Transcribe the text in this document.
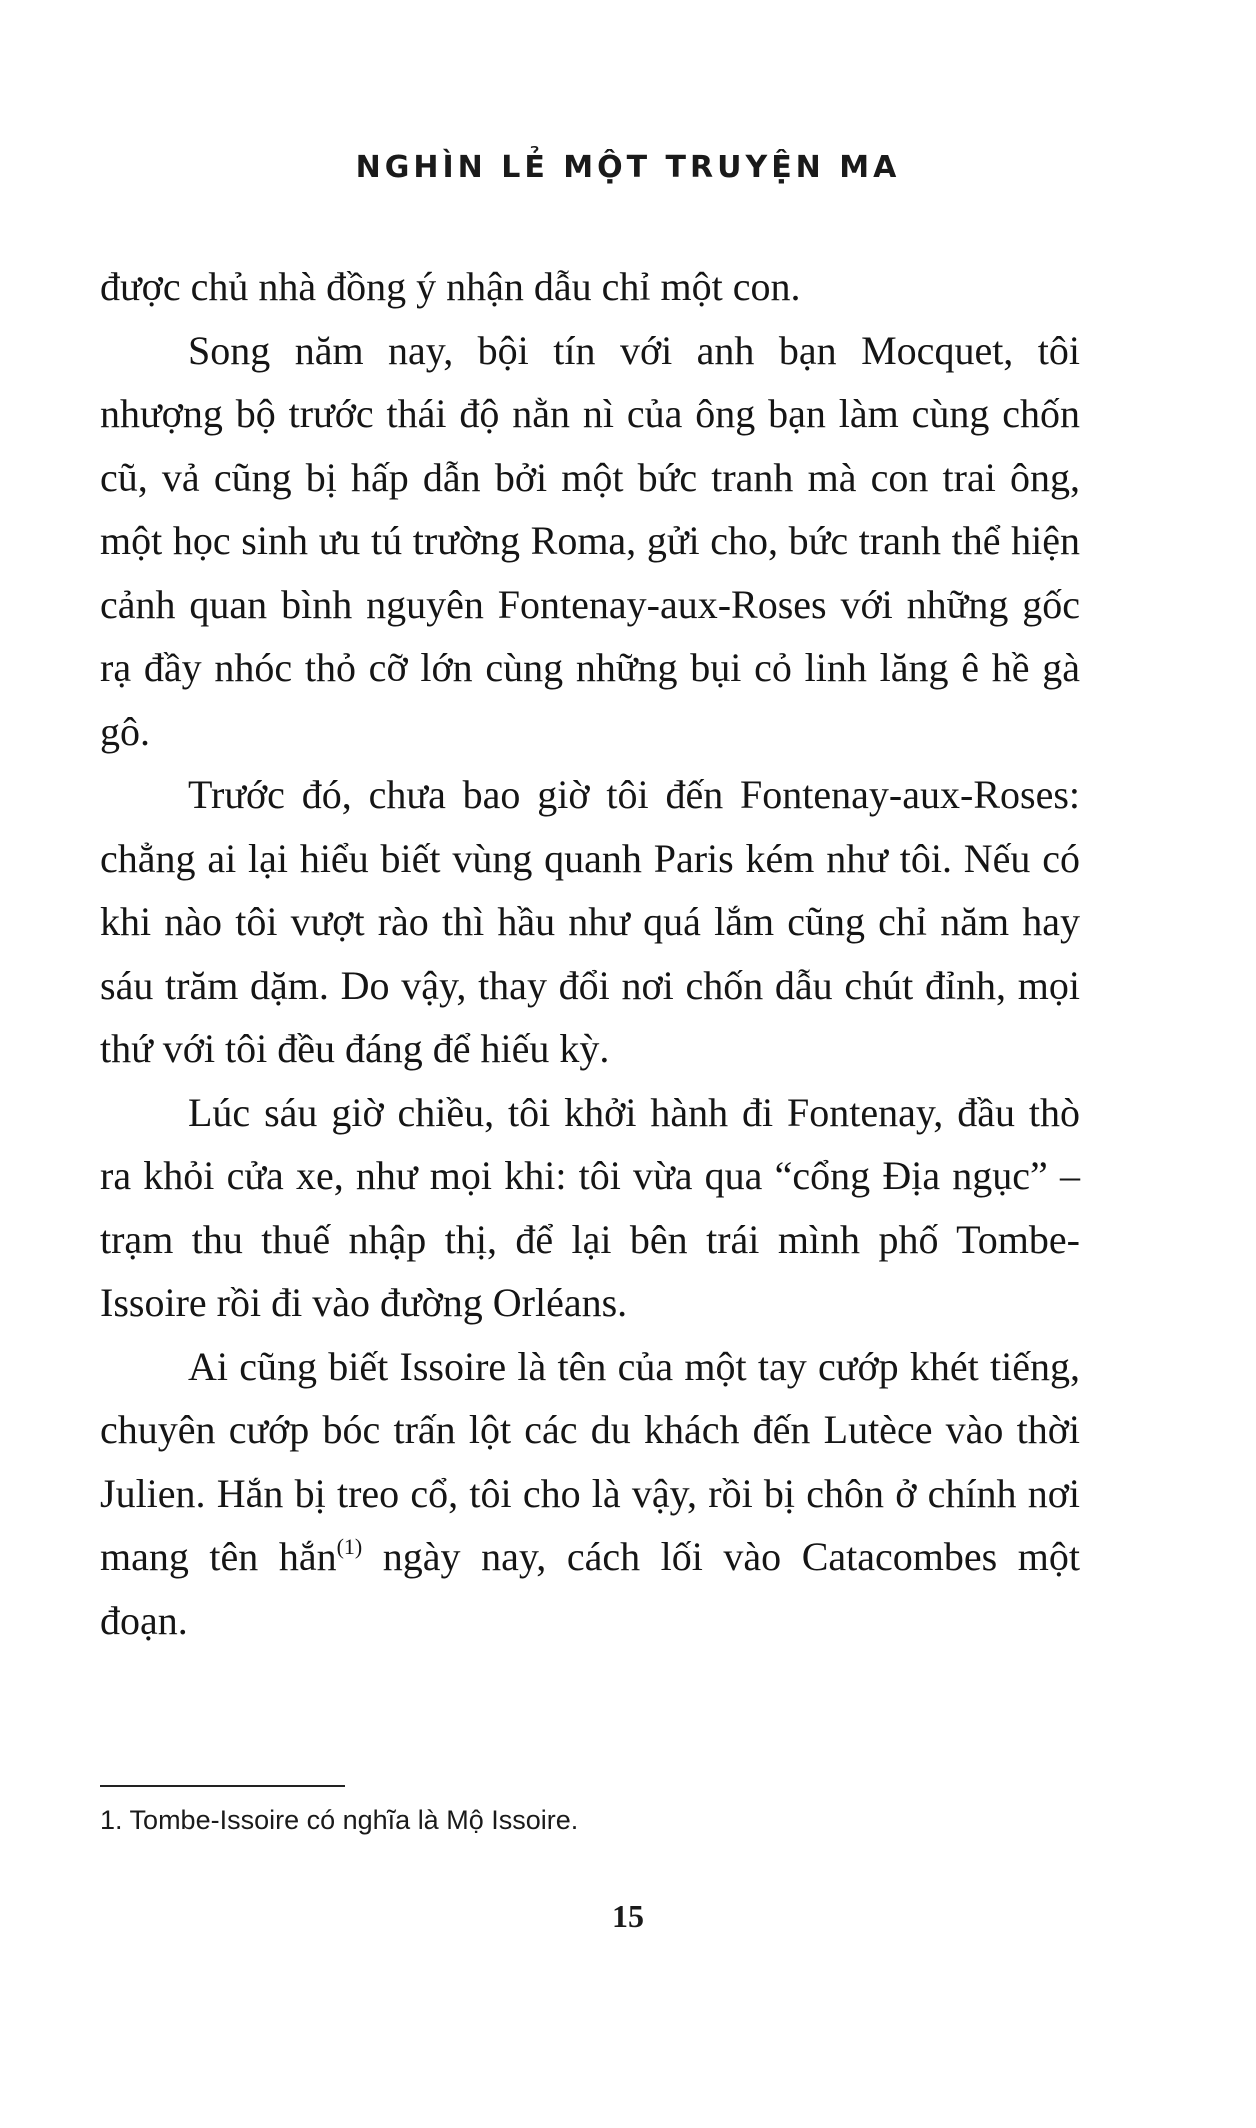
NGHÌN LẺ MỘT TRUYỆN MA

được chủ nhà đồng ý nhận dẫu chỉ một con.

Song năm nay, bội tín với anh bạn Mocquet, tôi nhượng bộ trước thái độ nằn nì của ông bạn làm cùng chốn cũ, vả cũng bị hấp dẫn bởi một bức tranh mà con trai ông, một học sinh ưu tú trường Roma, gửi cho, bức tranh thể hiện cảnh quan bình nguyên Fontenay-aux-Roses với những gốc rạ đầy nhóc thỏ cỡ lớn cùng những bụi cỏ linh lăng ê hề gà gô.

Trước đó, chưa bao giờ tôi đến Fontenay-aux-Roses: chẳng ai lại hiểu biết vùng quanh Paris kém như tôi. Nếu có khi nào tôi vượt rào thì hầu như quá lắm cũng chỉ năm hay sáu trăm dặm. Do vậy, thay đổi nơi chốn dẫu chút đỉnh, mọi thứ với tôi đều đáng để hiếu kỳ.

Lúc sáu giờ chiều, tôi khởi hành đi Fontenay, đầu thò ra khỏi cửa xe, như mọi khi: tôi vừa qua “cổng Địa ngục” – trạm thu thuế nhập thị, để lại bên trái mình phố Tombe-Issoire rồi đi vào đường Orléans.

Ai cũng biết Issoire là tên của một tay cướp khét tiếng, chuyên cướp bóc trấn lột các du khách đến Lutèce vào thời Julien. Hắn bị treo cổ, tôi cho là vậy, rồi bị chôn ở chính nơi mang tên hắn$^{(1)}$ ngày nay, cách lối vào Catacombes một đoạn.

1. Tombe-Issoire có nghĩa là Mộ Issoire.
15
